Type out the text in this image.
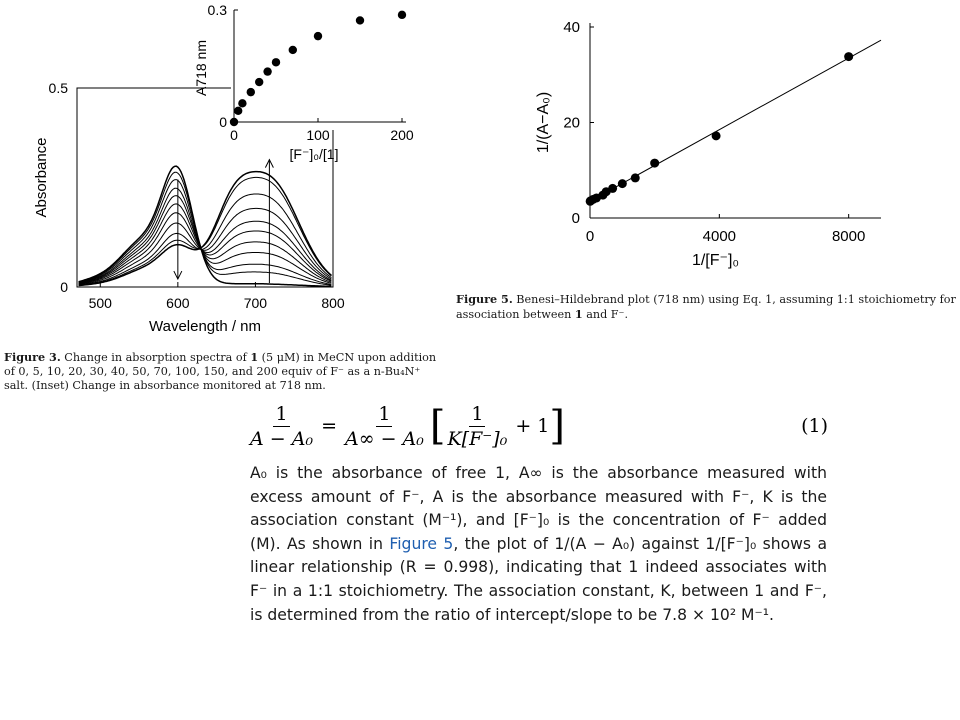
500	600	700	800
0
0.5
Wavelength / nm
Absorbance
0	100	200
0
0.3
[F⁻]₀/[1]
A718 nm
0	4000	8000
0
20
40
1/[F⁻]₀
1/(A−A₀)
Figure 3. Change in absorption spectra of 1 (5 μM) in MeCN upon addition of 0, 5, 10, 20, 30, 40, 50, 70, 100, 150, and 200 equiv of F⁻ as a n-Bu₄N⁺ salt. (Inset) Change in absorbance monitored at 718 nm.
Figure 5. Benesi–Hildebrand plot (718 nm) using Eq. 1, assuming 1:1 stoichiometry for association between 1 and F⁻.
$\frac{1}{\text{A − A₀}} = \frac{1}{\text{A∞ − A₀}}$ [ $\frac{1}{\text{K[F⁻]₀}} + 1$ ]	(1)
A₀ is the absorbance of free 1, A∞ is the absorbance measured with excess amount of F⁻, A is the absorbance measured with F⁻, K is the association constant (M⁻¹), and [F⁻]₀ is the concentration of F⁻ added (M). As shown in Figure 5, the plot of 1/(A − A₀) against 1/[F⁻]₀ shows a linear relationship (R = 0.998), indicating that 1 indeed associates with F⁻ in a 1:1 stoichiometry. The association constant, K, between 1 and F⁻, is determined from the ratio of intercept/slope to be 7.8 × 10² M⁻¹.
